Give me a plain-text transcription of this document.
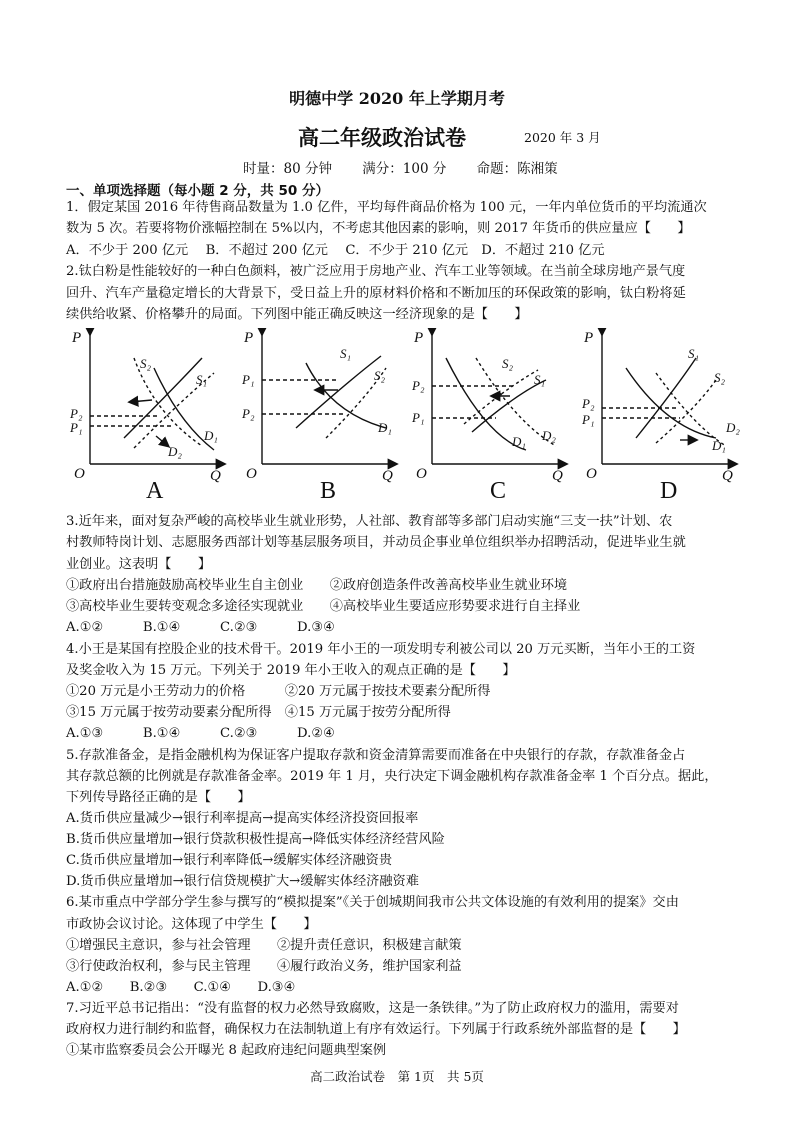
明德中学 2020 年上学期月考
高二年级政治试卷	2020 年 3 月
时量：80 分钟 满分：100 分 命题：陈湘策
一、单项选择题（每小题 2 分，共 50 分）
1．假定某国 2016 年待售商品数量为 1.0 亿件，平均每件商品价格为 100 元，一年内单位货币的平均流通次
数为 5 次。若要将物价涨幅控制在 5%以内，不考虑其他因素的影响，则 2017 年货币的供应量应【　　】
A．不少于 200 亿元　 B．不超过 200 亿元　 C．不少于 210 亿元　D．不超过 210 亿元
2.钛白粉是性能较好的一种白色颜料，被广泛应用于房地产业、汽车工业等领域。在当前全球房地产景气度
回升、汽车产量稳定增长的大背景下，受日益上升的原材料价格和不断加压的环保政策的影响，钛白粉将延
续供给收紧、价格攀升的局面。下列图中能正确反映这一经济现象的是【　　】
P
P₂
P₁
O	Q
S₂
S₁
D₁
D₂
P
P₁
P₂
O	Q
S₁
S₂
D₁
P
P₂
P₁
O	Q
S₂
S₁
D₁ D₂
P
P₂
P₁
O	Q
S₁
S₂
D₁
D₂
A	B	C	D
3.近年来，面对复杂严峻的高校毕业生就业形势，人社部、教育部等多部门启动实施“三支一扶”计划、农
村教师特岗计划、志愿服务西部计划等基层服务项目，并动员企事业单位组织举办招聘活动，促进毕业生就
业创业。这表明【　　】
①政府出台措施鼓励高校毕业生自主创业　　②政府创造条件改善高校毕业生就业环境
③高校毕业生要转变观念多途径实现就业　　④高校毕业生要适应形势要求进行自主择业
A.①②　　　B.①④　　　C.②③　　　D.③④
4.小王是某国有控股企业的技术骨干。2019 年小王的一项发明专利被公司以 20 万元买断，当年小王的工资
及奖金收入为 15 万元。下列关于 2019 年小王收入的观点正确的是【　　】
①20 万元是小王劳动力的价格　　　②20 万元属于按技术要素分配所得
③15 万元属于按劳动要素分配所得　④15 万元属于按劳分配所得
A.①③　　　B.①④　　　C.②③　　　D.②④
5.存款准备金，是指金融机构为保证客户提取存款和资金清算需要而准备在中央银行的存款，存款准备金占
其存款总额的比例就是存款准备金率。2019 年 1 月，央行决定下调金融机构存款准备金率 1 个百分点。据此，
下列传导路径正确的是【　　】
A.货币供应量减少→银行利率提高→提高实体经济投资回报率
B.货币供应量增加→银行贷款积极性提高→降低实体经济经营风险
C.货币供应量增加→银行利率降低→缓解实体经济融资贵
D.货币供应量增加→银行信贷规模扩大→缓解实体经济融资难
6.某市重点中学部分学生参与撰写的“模拟提案”《关于创城期间我市公共文体设施的有效利用的提案》交由
市政协会议讨论。这体现了中学生【　　】
①增强民主意识，参与社会管理　　②提升责任意识，积极建言献策
③行使政治权利，参与民主管理　　④履行政治义务，维护国家利益
A.①②　　B.②③　　C.①④　　D.③④
7.习近平总书记指出：“没有监督的权力必然导致腐败，这是一条铁律。”为了防止政府权力的滥用，需要对
政府权力进行制约和监督，确保权力在法制轨道上有序有效运行。下列属于行政系统外部监督的是【　　】
①某市监察委员会公开曝光 8 起政府违纪问题典型案例
高二政治试卷　第 1页　共 5页
